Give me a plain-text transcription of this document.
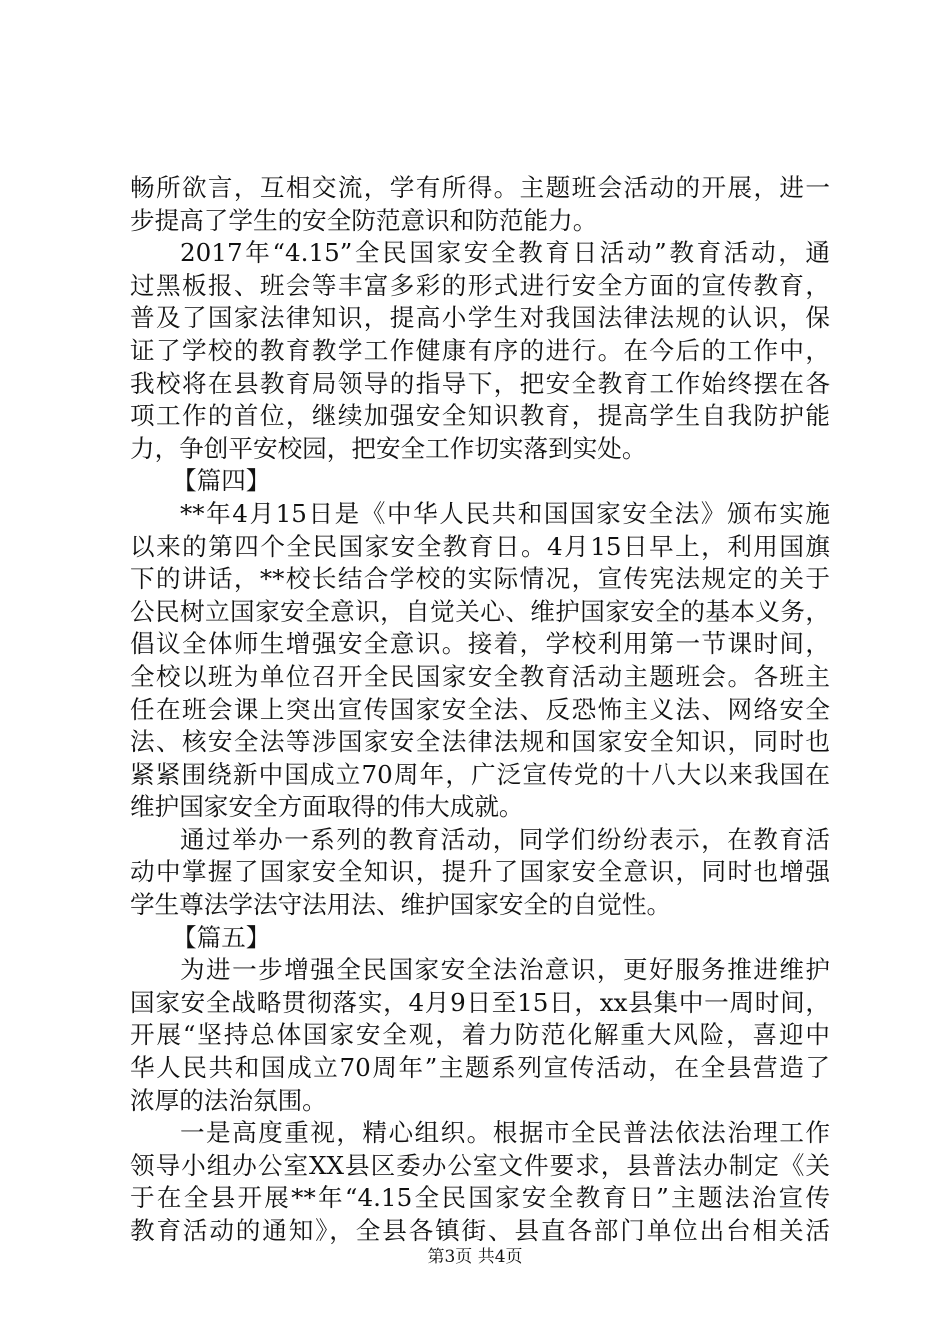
畅所欲言，互相交流，学有所得。主题班会活动的开展，进一
步提高了学生的安全防范意识和防范能力。
2017年“4.15”全民国家安全教育日活动”教育活动，通
过黑板报、班会等丰富多彩的形式进行安全方面的宣传教育，
普及了国家法律知识，提高小学生对我国法律法规的认识，保
证了学校的教育教学工作健康有序的进行。在今后的工作中，
我校将在县教育局领导的指导下，把安全教育工作始终摆在各
项工作的首位，继续加强安全知识教育，提高学生自我防护能
力，争创平安校园，把安全工作切实落到实处。
【篇四】
**年4月15日是《中华人民共和国国家安全法》颁布实施
以来的第四个全民国家安全教育日。4月15日早上，利用国旗
下的讲话，**校长结合学校的实际情况，宣传宪法规定的关于
公民树立国家安全意识，自觉关心、维护国家安全的基本义务，
倡议全体师生增强安全意识。接着，学校利用第一节课时间，
全校以班为单位召开全民国家安全教育活动主题班会。各班主
任在班会课上突出宣传国家安全法、反恐怖主义法、网络安全
法、核安全法等涉国家安全法律法规和国家安全知识，同时也
紧紧围绕新中国成立70周年，广泛宣传党的十八大以来我国在
维护国家安全方面取得的伟大成就。
通过举办一系列的教育活动，同学们纷纷表示，在教育活
动中掌握了国家安全知识，提升了国家安全意识，同时也增强
学生尊法学法守法用法、维护国家安全的自觉性。
【篇五】
为进一步增强全民国家安全法治意识，更好服务推进维护
国家安全战略贯彻落实，4月9日至15日，xx县集中一周时间，
开展“坚持总体国家安全观，着力防范化解重大风险，喜迎中
华人民共和国成立70周年”主题系列宣传活动，在全县营造了
浓厚的法治氛围。
一是高度重视，精心组织。根据市全民普法依法治理工作
领导小组办公室XX县区委办公室文件要求，县普法办制定《关
于在全县开展**年“4.15全民国家安全教育日”主题法治宣传
教育活动的通知》，全县各镇街、县直各部门单位出台相关活
第3页 共4页
